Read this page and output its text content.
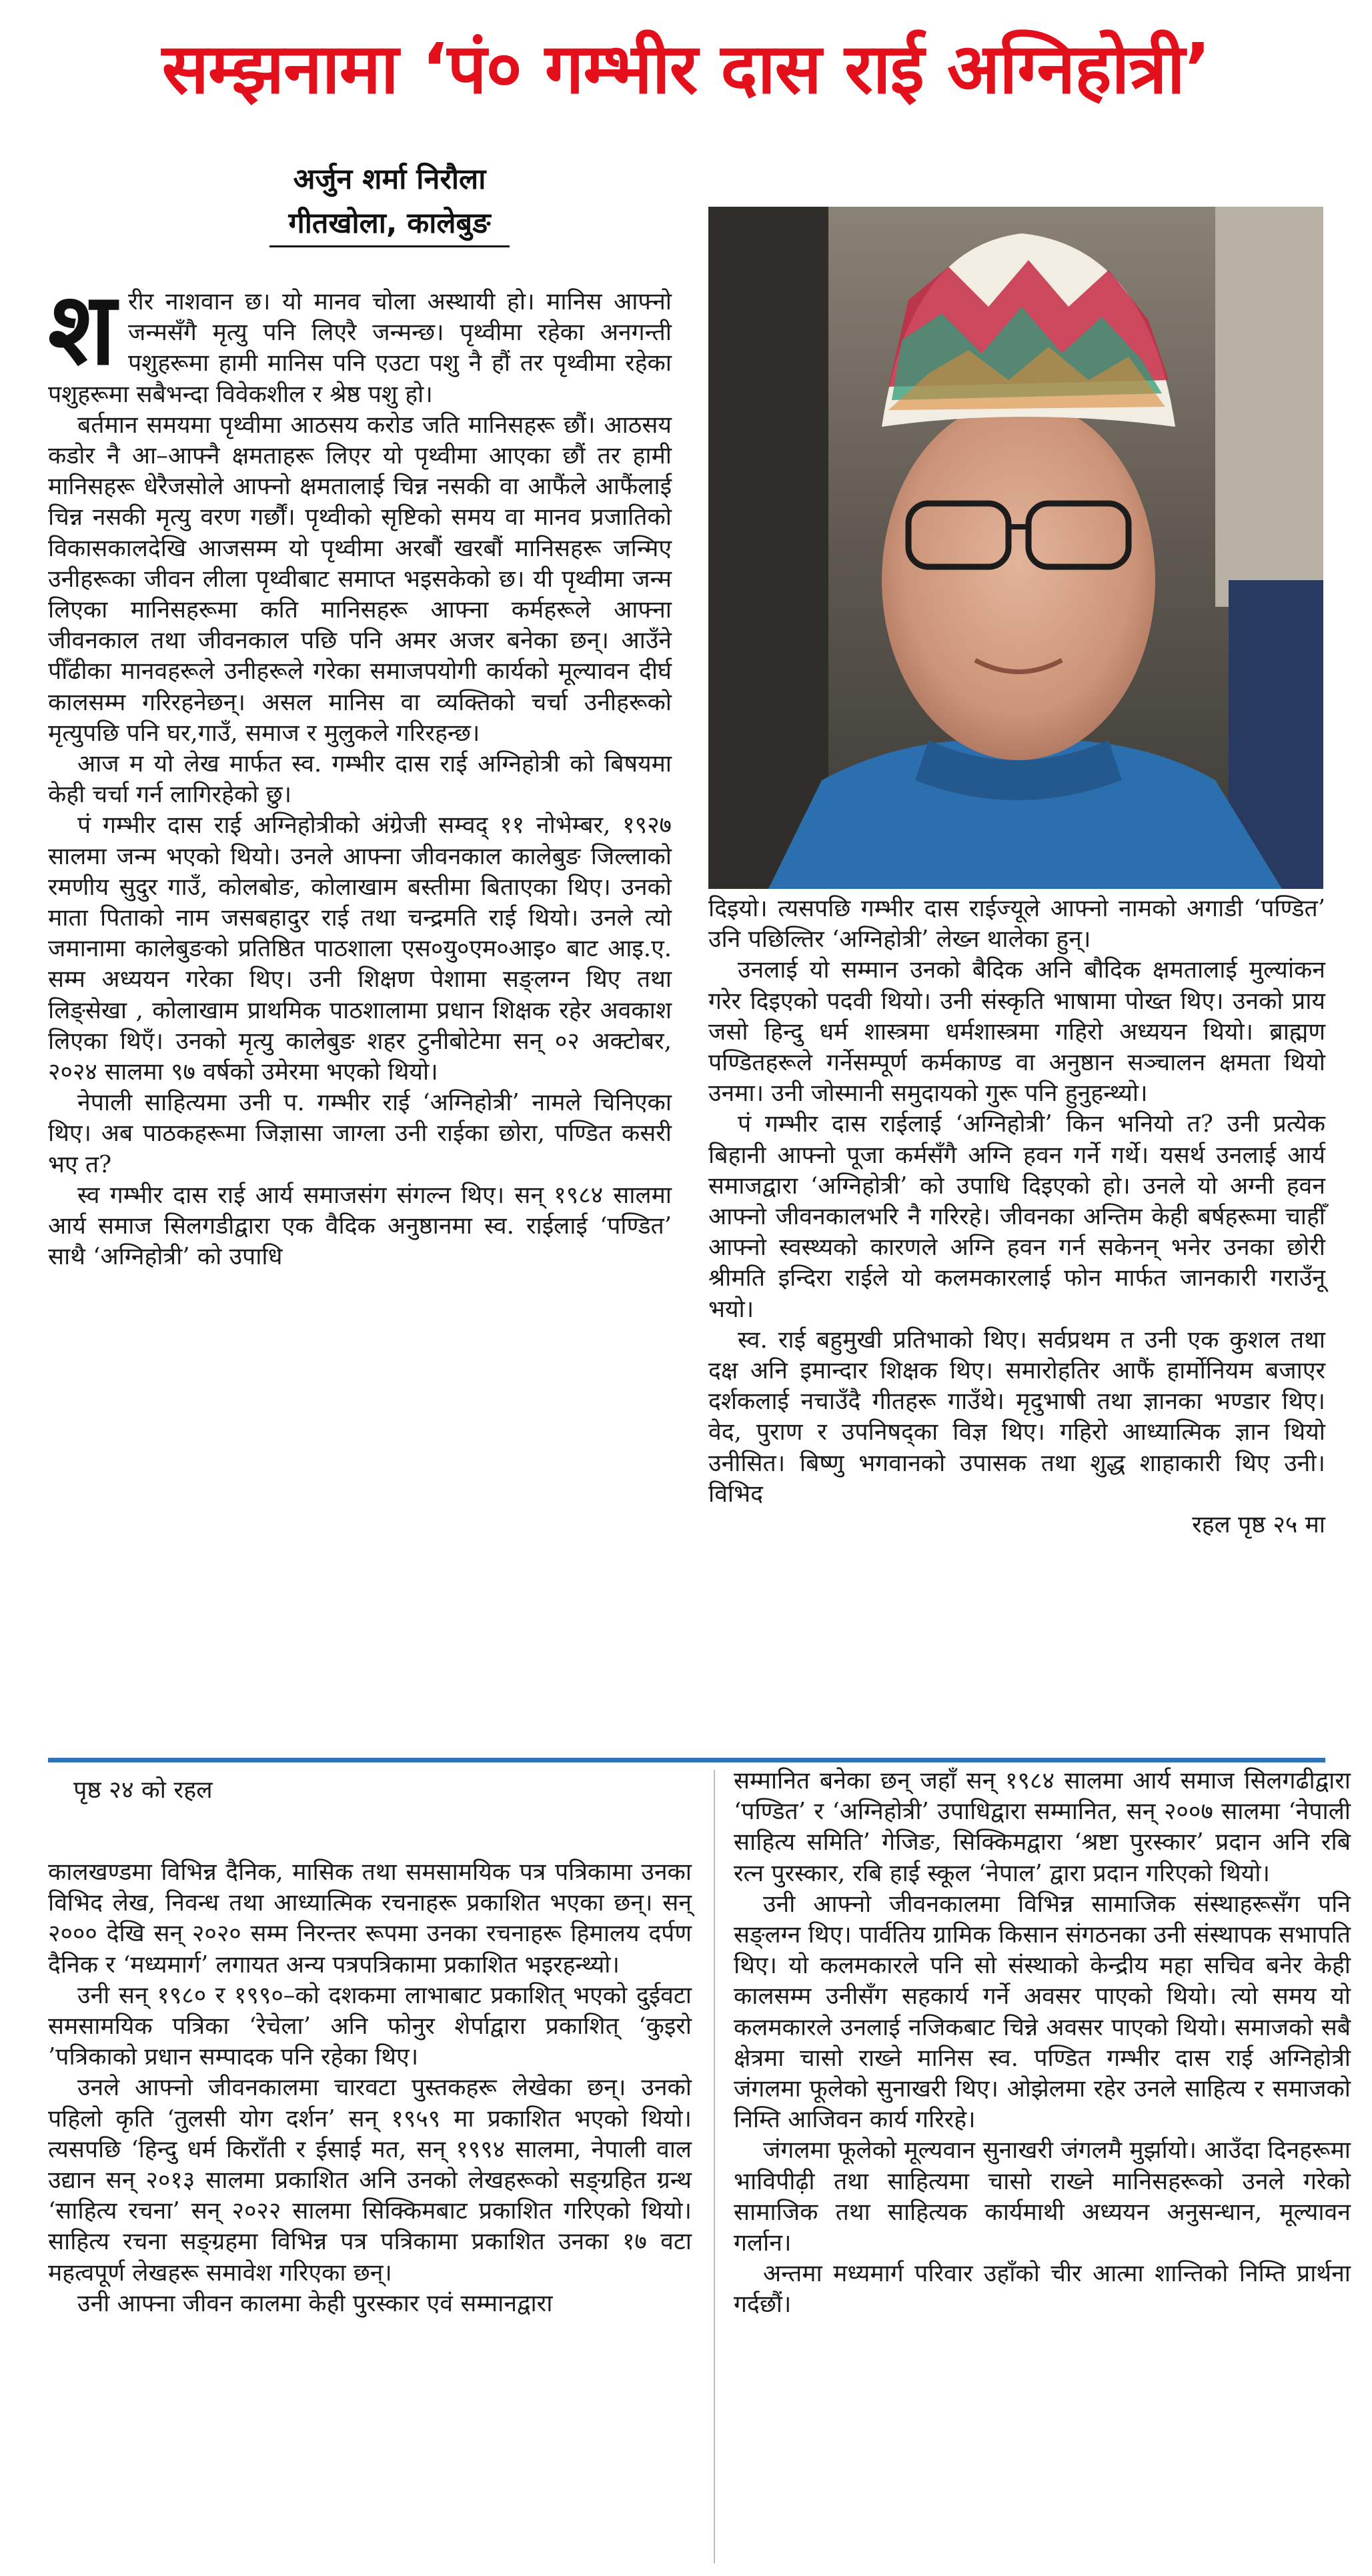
सम्झनामा ‘पं० गम्भीर दास राई अग्निहोत्री’
अर्जुन शर्मा निरौला
गीतखोला, कालेबुङ
श रीर नाशवान छ। यो मानव चोला अस्थायी हो। मानिस आफ्नो जन्मसँगै मृत्यु पनि लिएरै जन्मन्छ। पृथ्वीमा रहेका अनगन्ती पशुहरूमा हामी मानिस पनि एउटा पशु नै हौं तर पृथ्वीमा रहेका पशुहरूमा सबैभन्दा विवेकशील र श्रेष्ठ पशु हो।

बर्तमान समयमा पृथ्वीमा आठसय करोड जति मानिसहरू छौं। आठसय कडोर नै आ–आफ्नै क्षमताहरू लिएर यो पृथ्वीमा आएका छौं तर हामी मानिसहरू धेरैजसोले आफ्नो क्षमतालाई चिन्न नसकी वा आफैंले आफैंलाई चिन्न नसकी मृत्यु वरण गर्छौं। पृथ्वीको सृष्टिको समय वा मानव प्रजातिको विकासकालदेखि आजसम्म यो पृथ्वीमा अरबौं खरबौं मानिसहरू जन्मिए उनीहरूका जीवन लीला पृथ्वीबाट समाप्त भइसकेको छ। यी पृथ्वीमा जन्म लिएका मानिसहरूमा कति मानिसहरू आफ्ना कर्महरूले आफ्ना जीवनकाल तथा जीवनकाल पछि पनि अमर अजर बनेका छन्। आउँने पीँढीका मानवहरूले उनीहरूले गरेका समाजपयोगी कार्यको मूल्यावन दीर्घ कालसम्म गरिरहनेछन्। असल मानिस वा व्यक्तिको चर्चा उनीहरूको मृत्युपछि पनि घर,गाउँ, समाज र मुलुकले गरिरहन्छ।

आज म यो लेख मार्फत स्व. गम्भीर दास राई अग्निहोत्री को बिषयमा केही चर्चा गर्न लागिरहेको छु।

पं गम्भीर दास राई अग्निहोत्रीको अंग्रेजी सम्वद् ११ नोभेम्बर, १९२७ सालमा जन्म भएको थियो। उनले आफ्ना जीवनकाल कालेबुङ जिल्लाको रमणीय सुदुर गाउँ, कोलबोङ, कोलाखाम बस्तीमा बिताएका थिए। उनको माता पिताको नाम जसबहादुर राई तथा चन्द्रमति राई थियो। उनले त्यो जमानामा कालेबुङको प्रतिष्ठित पाठशाला एस०यु०एम०आइ० बाट आइ.ए. सम्म अध्ययन गरेका थिए। उनी शिक्षण पेशामा सङ्लग्न थिए तथा लिङ्सेखा , कोलाखाम प्राथमिक पाठशालामा प्रधान शिक्षक रहेर अवकाश लिएका थिएँ। उनको मृत्यु कालेबुङ शहर टुनीबोटेमा सन् ०२ अक्टोबर, २०२४ सालमा ९७ वर्षको उमेरमा भएको थियो।

नेपाली साहित्यमा उनी प. गम्भीर राई ‘अग्निहोत्री’ नामले चिनिएका थिए। अब पाठकहरूमा जिज्ञासा जाग्ला उनी राईका छोरा, पण्डित कसरी भए त?

स्व गम्भीर दास राई आर्य समाजसंग संगल्न थिए। सन् १९८४ सालमा आर्य समाज सिलगडीद्वारा एक वैदिक अनुष्ठानमा स्व. राईलाई ‘पण्डित’ साथै ‘अग्निहोत्री’ को उपाधि

दिइयो। त्यसपछि गम्भीर दास राईज्यूले आफ्नो नामको अगाडी ‘पण्डित’ उनि पछिल्तिर ‘अग्निहोत्री’ लेख्न थालेका हुन्।

उनलाई यो सम्मान उनको बैदिक अनि बौदिक क्षमतालाई मुल्यांकन गरेर दिइएको पदवी थियो। उनी संस्कृति भाषामा पोख्त थिए। उनको प्राय जसो हिन्दु धर्म शास्त्रमा धर्मशास्त्रमा गहिरो अध्ययन थियो। ब्राह्मण पण्डितहरूले गर्नेसम्पूर्ण कर्मकाण्ड वा अनुष्ठान सञ्चालन क्षमता थियो उनमा। उनी जोस्मानी समुदायको गुरू पनि हुनुहन्थ्यो।

पं गम्भीर दास राईलाई ‘अग्निहोत्री’ किन भनियो त? उनी प्रत्येक बिहानी आफ्नो पूजा कर्मसँगै अग्नि हवन गर्ने गर्थे। यसर्थ उनलाई आर्य समाजद्वारा ‘अग्निहोत्री’ को उपाधि दिइएको हो। उनले यो अग्नी हवन आफ्नो जीवनकालभरि नै गरिरहे। जीवनका अन्तिम केही बर्षहरूमा चाहीँ आफ्नो स्वस्थ्यको कारणले अग्नि हवन गर्न सकेनन् भनेर उनका छोरी श्रीमति इन्दिरा राईले यो कलमकारलाई फोन मार्फत जानकारी गराउँनू भयो।

स्व. राई बहुमुखी प्रतिभाको थिए। सर्वप्रथम त उनी एक कुशल तथा दक्ष अनि इमान्दार शिक्षक थिए। समारोहतिर आफैं हार्मोनियम बजाएर दर्शकलाई नचाउँदै गीतहरू गाउँथे। मृदुभाषी तथा ज्ञानका भण्डार थिए। वेद, पुराण र उपनिषद्का विज्ञ थिए। गहिरो आध्यात्मिक ज्ञान थियो उनीसित। बिष्णु भगवानको उपासक तथा शुद्ध शाहाकारी थिए उनी। विभिद

रहल पृष्ठ २५ मा

पृष्ठ २४ को रहल

कालखण्डमा विभिन्न दैनिक, मासिक तथा समसामयिक पत्र पत्रिकामा उनका विभिद लेख, निवन्ध तथा आध्यात्मिक रचनाहरू प्रकाशित भएका छन्। सन् २००० देखि सन् २०२० सम्म निरन्तर रूपमा उनका रचनाहरू हिमालय दर्पण दैनिक र ‘मध्यमार्ग’ लगायत अन्य पत्रपत्रिकामा प्रकाशित भइरहन्थ्यो।

उनी सन् १९८० र १९९०–को दशकमा लाभाबाट प्रकाशित् भएको दुईवटा समसामयिक पत्रिका ‘रेचेला’ अनि फोनुर शेर्पाद्वारा प्रकाशित् ‘कुइरो ’पत्रिकाको प्रधान सम्पादक पनि रहेका थिए।

उनले आफ्नो जीवनकालमा चारवटा पुस्तकहरू लेखेका छन्। उनको पहिलो कृति ‘तुलसी योग दर्शन’ सन् १९५९ मा प्रकाशित भएको थियो। त्यसपछि ‘हिन्दु धर्म किराँती र ईसाई मत, सन् १९९४ सालमा, नेपाली वाल उद्यान सन् २०१३ सालमा प्रकाशित अनि उनको लेखहरूको सङ्ग्रहित ग्रन्थ ‘साहित्य रचना’ सन् २०२२ सालमा सिक्किमबाट प्रकाशित गरिएको थियो। साहित्य रचना सङ्ग्रहमा विभिन्न पत्र पत्रिकामा प्रकाशित उनका १७ वटा महत्वपूर्ण लेखहरू समावेश गरिएका छन्।

उनी आफ्ना जीवन कालमा केही पुरस्कार एवं सम्मानद्वारा

सम्मानित बनेका छन् जहाँ सन् १९८४ सालमा आर्य समाज सिलगढीद्वारा ‘पण्डित’ र ‘अग्निहोत्री’ उपाधिद्वारा सम्मानित, सन् २००७ सालमा ‘नेपाली साहित्य समिति’ गेजिङ, सिक्किमद्वारा ‘श्रष्टा पुरस्कार’ प्रदान अनि रबि रत्न पुरस्कार, रबि हाई स्कूल ‘नेपाल’ द्वारा प्रदान गरिएको थियो।

उनी आफ्नो जीवनकालमा विभिन्न सामाजिक संस्थाहरूसँग पनि सङ्लग्न थिए। पार्वतिय ग्रामिक किसान संगठनका उनी संस्थापक सभापति थिए। यो कलमकारले पनि सो संस्थाको केन्द्रीय महा सचिव बनेर केही कालसम्म उनीसँग सहकार्य गर्ने अवसर पाएको थियो। त्यो समय यो कलमकारले उनलाई नजिकबाट चिन्ने अवसर पाएको थियो। समाजको सबै क्षेत्रमा चासो राख्ने मानिस स्व. पण्डित गम्भीर दास राई अग्निहोत्री जंगलमा फूलेको सुनाखरी थिए। ओझेलमा रहेर उनले साहित्य र समाजको निम्ति आजिवन कार्य गरिरहे।

जंगलमा फूलेको मूल्यवान सुनाखरी जंगलमै मुर्झायो। आउँदा दिनहरूमा भाविपीढ़ी तथा साहित्यमा चासो राख्ने मानिसहरूको उनले गरेको सामाजिक तथा साहित्यक कार्यमाथी अध्ययन अनुसन्धान, मूल्यावन गर्लान।

अन्तमा मध्यमार्ग परिवार उहाँको चीर आत्मा शान्तिको निम्ति प्रार्थना गर्दछौं।
